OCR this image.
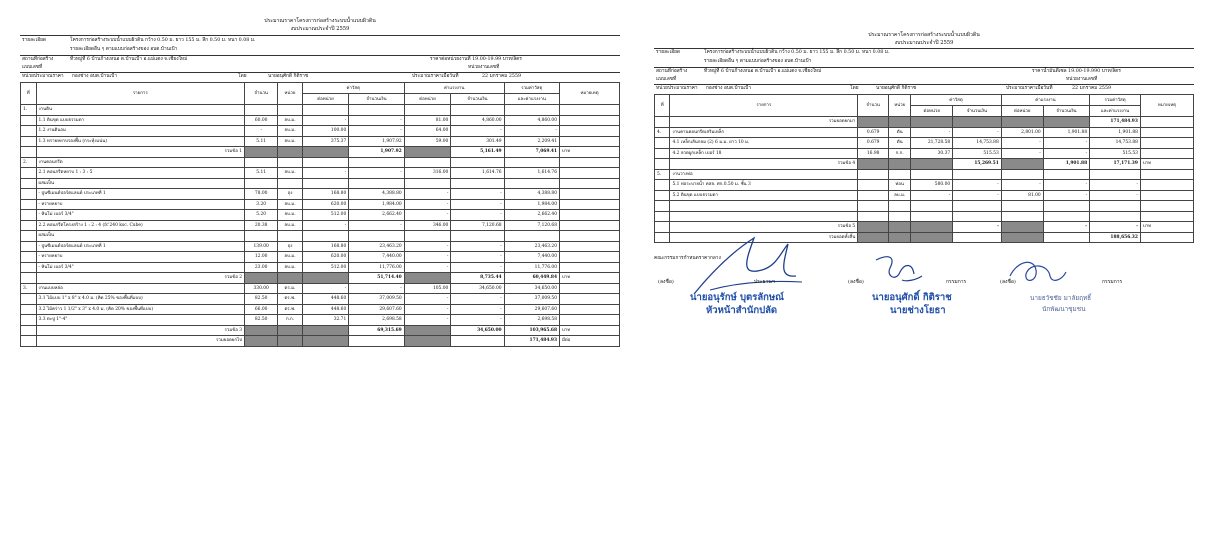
ประมาณราคาโครงการก่อสร้างระบบน้ำแบบผิวดิน
งบประมาณประจำปี 2559
รายละเอียด	โครงการก่อสร้างระบบน้ำแบบผิวดิน กว้าง 0.50 ม. ยาว 155 ม. ลึก 0.50 ม. หนา 0.08 ม.
รายละเอียดอื่น ๆ ตามแบบก่อสร้างของ อบต.บ้านเป้า
สถานที่ก่อสร้าง	ที่วหมู่ที่ 6 บ้านก้างเหนอ ต.บ้านเป้า อ.แม่แตง จ.เชียงใหม่	ราคาต่อหน่วยงานที่ 19.00-19.99 บาท/ลิตร
แบบเลขที่	หน่วยงานเลขที่
หน่วยประมาณราคา กองช่าง อบต.บ้านเป้า	โดย	นายอนุศักดิ์ กิติราช	ประมาณราคาเมื่อวันที่	22 มกราคม 2559
ที่	รายการ	จำนวน	หน่วย	ค่าวัสดุ		ค่าแรงงาน		รวมค่าวัสดุ	หมายเหตุ
				ต่อหน่วย	จำนวนเงิน	ต่อหน่วย	จำนวนเงิน	และค่าแรงงาน	
1.	งานดิน								
	1.1 ดินขุด แบบธรรมดา	60.00	ลบ.ม.	-	-	81.00	4,860.00	4,860.00	
	1.2 งานดินถม	-	ลบ.ม.	100.00	-	64.00	-	-	
	1.3 ทรายหยาบรองพื้น (กระทุ้งแน่น)	5.11	ลบ.ม.	375.37	1,907.92	59.00	301.49	2,209.41	
	รวมข้อ 1				1,907.92		5,161.49	7,069.41	บาท
2.	งานคอนกรีต								
	2.1 คอนกรีตหยาบ 1 : 3 : 5	5.11	ลบ.ม.	-	-	316.00	1,614.76	1,614.76	
	ผสมเป็น								
	- ปูนซีเมนต์ปอร์ตแลนด์ ประเภทที่ 1	78.00	ถุง	168.80	4,388.80	-	-	4,388.80	
	- ทรายหยาบ	3.20	ลบ.ม.	620.00	1,984.00	-	-	1,984.00	
	- หินโม่ เบอร์ 3/4"	5.20	ลบ.ม.	512.00	2,662.40	-	-	2,662.40	
	2.2 คอนกรีตโครงสร้าง 1 : 2 : 4 (fc'240 ksc. Cube)	20.38	ลบ.ม.	-	-	346.00	7,120.68	7,120.68	
	ผสมเป็น								
	- ปูนซีเมนต์ปอร์ตแลนด์ ประเภทที่ 1	139.00	ถุง	168.80	23,463.20	-	-	23,463.20	
	- ทรายหยาบ	12.00	ลบ.ม.	620.00	7,440.00	-	-	7,440.00	
	- หินโม่ เบอร์ 3/4"	23.00	ลบ.ม.	512.00	11,776.00	-	-	11,776.00	
	รวมข้อ 2				51,714.40		8,735.44	60,449.84	บาท
3.	งานแบบหล่อ	330.00	ตร.ม.	-	-	105.00	34,650.00	34,650.00	
	3.1 ไม้แบบ 1" x 8" x 4.0 ม. (คิด 25% ของพื้นที่แบบ)	82.50	ตร.ฟ.	448.60	37,009.50	-	-	37,009.50	
	3.2 ไม้คร่าว 1 1/2" x 3" x 4.0 ม. (คิด 20% ของพื้นที่แบบ)	66.00	ตร.ฟ.	448.60	29,607.60	-	-	29,607.60	
	3.3 ตะปู 1"-4"	82.50	ก.ก.	32.71	2,698.58	-	-	2,698.58	
	รวมข้อ 3				69,315.69		34,650.00	103,965.68	บาท
	รวมยอดยกไป							171,484.93	มีต่อ
ประมาณราคาโครงการก่อสร้างระบบน้ำแบบผิวดิน
งบประมาณประจำปี 2559
รายละเอียด	โครงการก่อสร้างระบบน้ำแบบผิวดิน กว้าง 0.50 ม. ยาว 155 ม. ลึก 0.50 ม. หนา 0.08 ม.
รายละเอียดอื่น ๆ ตามแบบก่อสร้างของ อบต.บ้านเป้า
สถานที่ก่อสร้าง	ที่วหมู่ที่ 6 บ้านก้างเหนอ ต.บ้านเป้า อ.แม่แตง จ.เชียงใหม่	ราคาน้ำมันดีเซล 19.00-19.990 บาท/ลิตร
แบบเลขที่	หน่วยงานเลขที่
หน่วยประมาณราคา กองช่าง อบต.บ้านเป้า	โดย	นายอนุศักดิ์ กิติราช	ประมาณราคาเมื่อวันที่	22 มกราคม 2559
ที่	รายการ	จำนวน	หน่วย	ค่าวัสดุ		ค่าแรงงาน		รวมค่าวัสดุ	หมายเหตุ
				ต่อหน่วย	จำนวนเงิน	ต่อหน่วย	จำนวนเงิน	และค่าแรงงาน	
	รวมยอดยกมา							171,484.93	
4.	งานคานคอนกรีตเสริมเหล็ก	0.679	ตัน	-	-	2,801.00	1,901.88	1,901.88	
	4.1 เหล็กเส้นกลม (2) 6 ม.ม. ยาว 10 ม.	0.679	ตัน	21,728.58	14,753.88	-	-	14,753.88	
	4.2 ลวดผูกเหล็ก เบอร์ 18	16.98	ก.ก.	30.37	515.53	-	-	515.53	
	รวมข้อ 4				15,269.51		1,901.88	17,171.39	บาท
5.	งานวางท่อ								
	5.1 ท่อระบายน้ำ คสล. ศก.0.50 ม. ชั้น 3		ท่อน	580.00	-	-	-	-	
	5.2 ดินขุด แบบธรรมดา		ลบ.ม.	-	-	81.00	-	-	

	รวมข้อ 5				-		-	-	บาท
	รวมยอดทั้งสิ้น							188,656.32	
คณะกรรมการกำหนดราคากลาง
(ลงชื่อ)	ประธานฯ	(ลงชื่อ)	กรรมการ	(ลงชื่อ)	กรรมการ
นายอนุรักษ์ บุตรลักษณ์
หัวหน้าสำนักปลัด
นายอนุศักดิ์ กิติราช
นายช่างโยธา
นายธวัชชัย มาลัยฤทธิ์
นักพัฒนาชุมชน
